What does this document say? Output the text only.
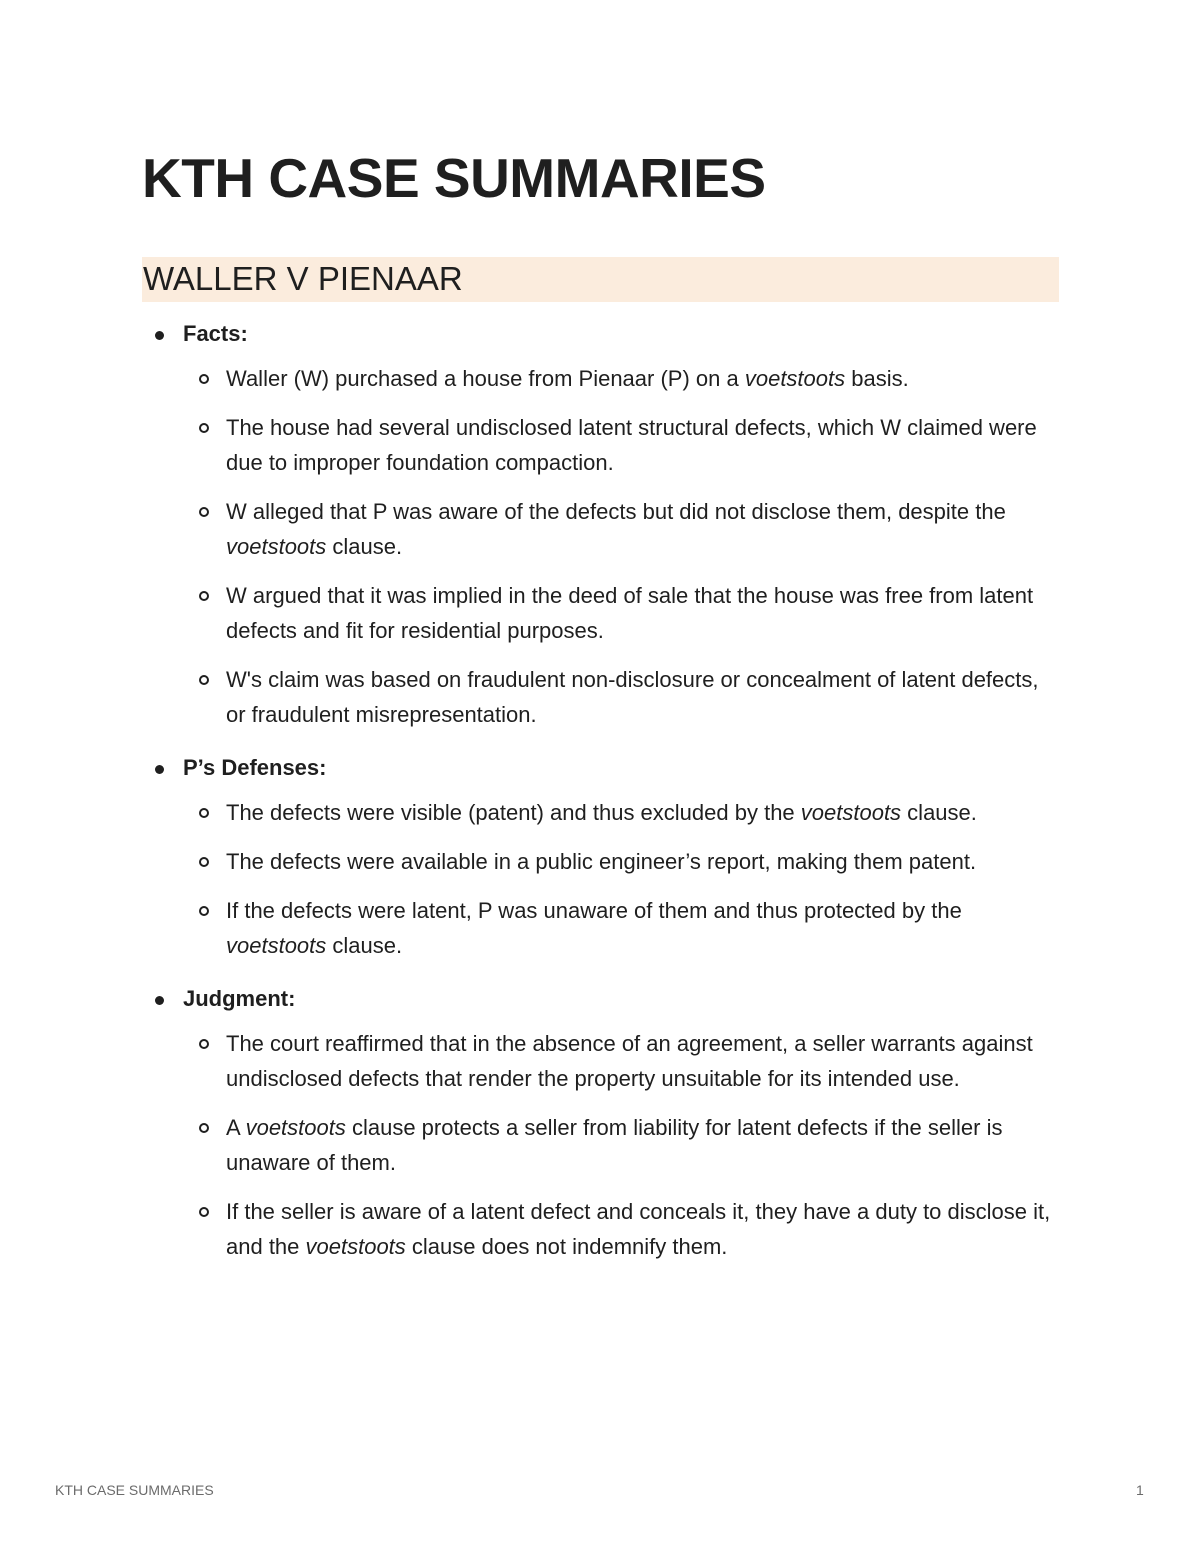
KTH CASE SUMMARIES
WALLER V PIENAAR
Facts:
Waller (W) purchased a house from Pienaar (P) on a voetstoots basis.
The house had several undisclosed latent structural defects, which W claimed were due to improper foundation compaction.
W alleged that P was aware of the defects but did not disclose them, despite the voetstoots clause.
W argued that it was implied in the deed of sale that the house was free from latent defects and fit for residential purposes.
W's claim was based on fraudulent non-disclosure or concealment of latent defects, or fraudulent misrepresentation.
P’s Defenses:
The defects were visible (patent) and thus excluded by the voetstoots clause.
The defects were available in a public engineer’s report, making them patent.
If the defects were latent, P was unaware of them and thus protected by the voetstoots clause.
Judgment:
The court reaffirmed that in the absence of an agreement, a seller warrants against undisclosed defects that render the property unsuitable for its intended use.
A voetstoots clause protects a seller from liability for latent defects if the seller is unaware of them.
If the seller is aware of a latent defect and conceals it, they have a duty to disclose it, and the voetstoots clause does not indemnify them.
KTH CASE SUMMARIES	1
